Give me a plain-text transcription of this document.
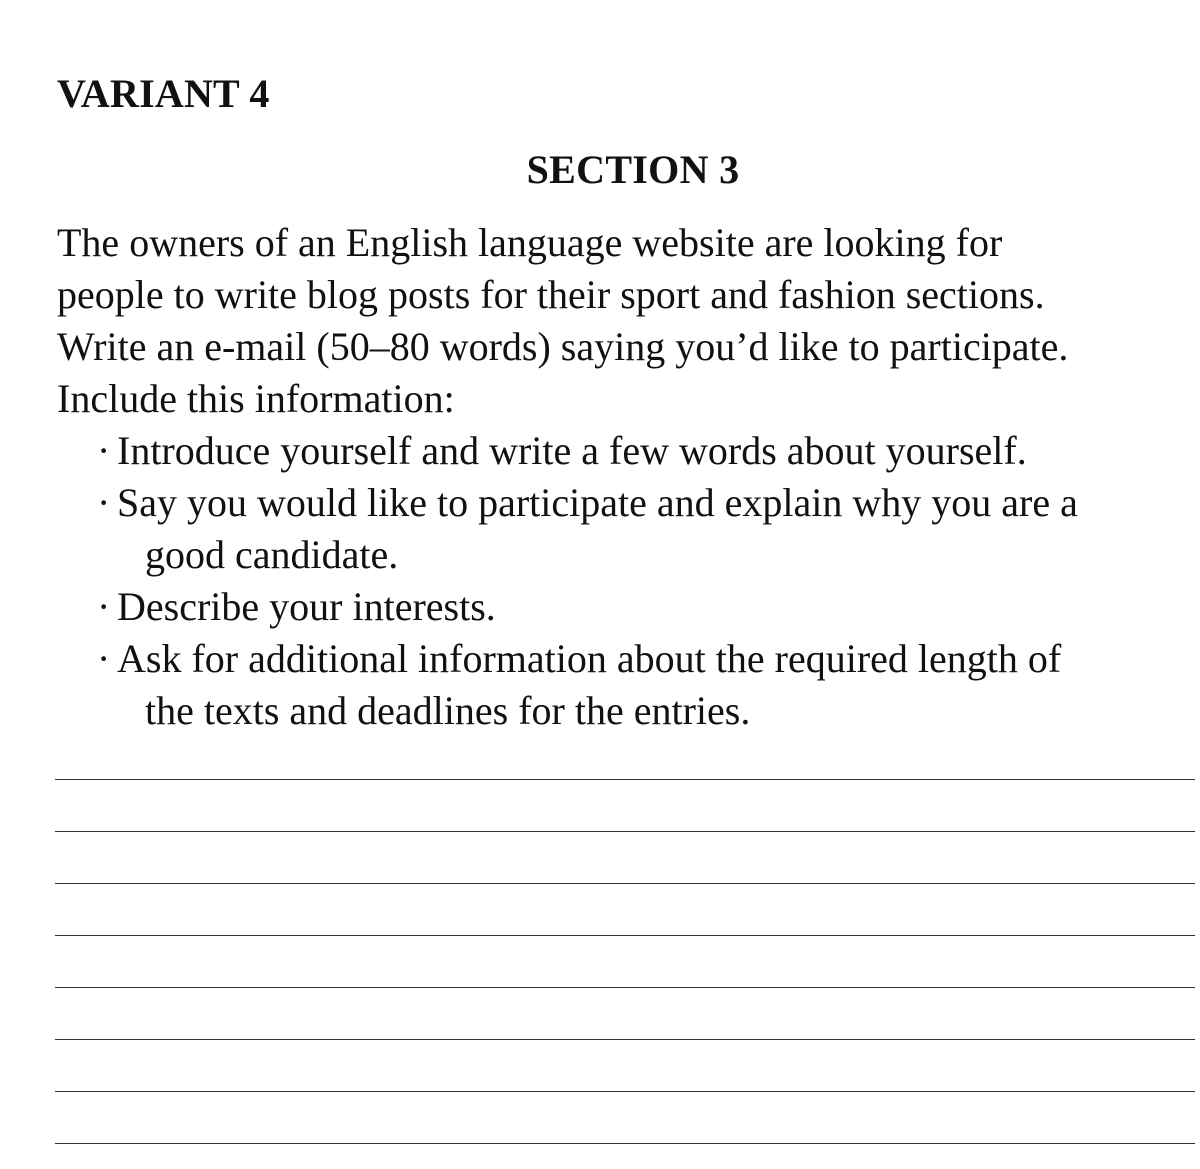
VARIANT 4
SECTION 3
The owners of an English language website are looking for
people to write blog posts for their sport and fashion sections.
Write an e-mail (50–80 words) saying you’d like to participate.
Include this information:
· Introduce yourself and write a few words about yourself.
· Say you would like to participate and explain why you are a
good candidate.
· Describe your interests.
· Ask for additional information about the required length of
the texts and deadlines for the entries.
